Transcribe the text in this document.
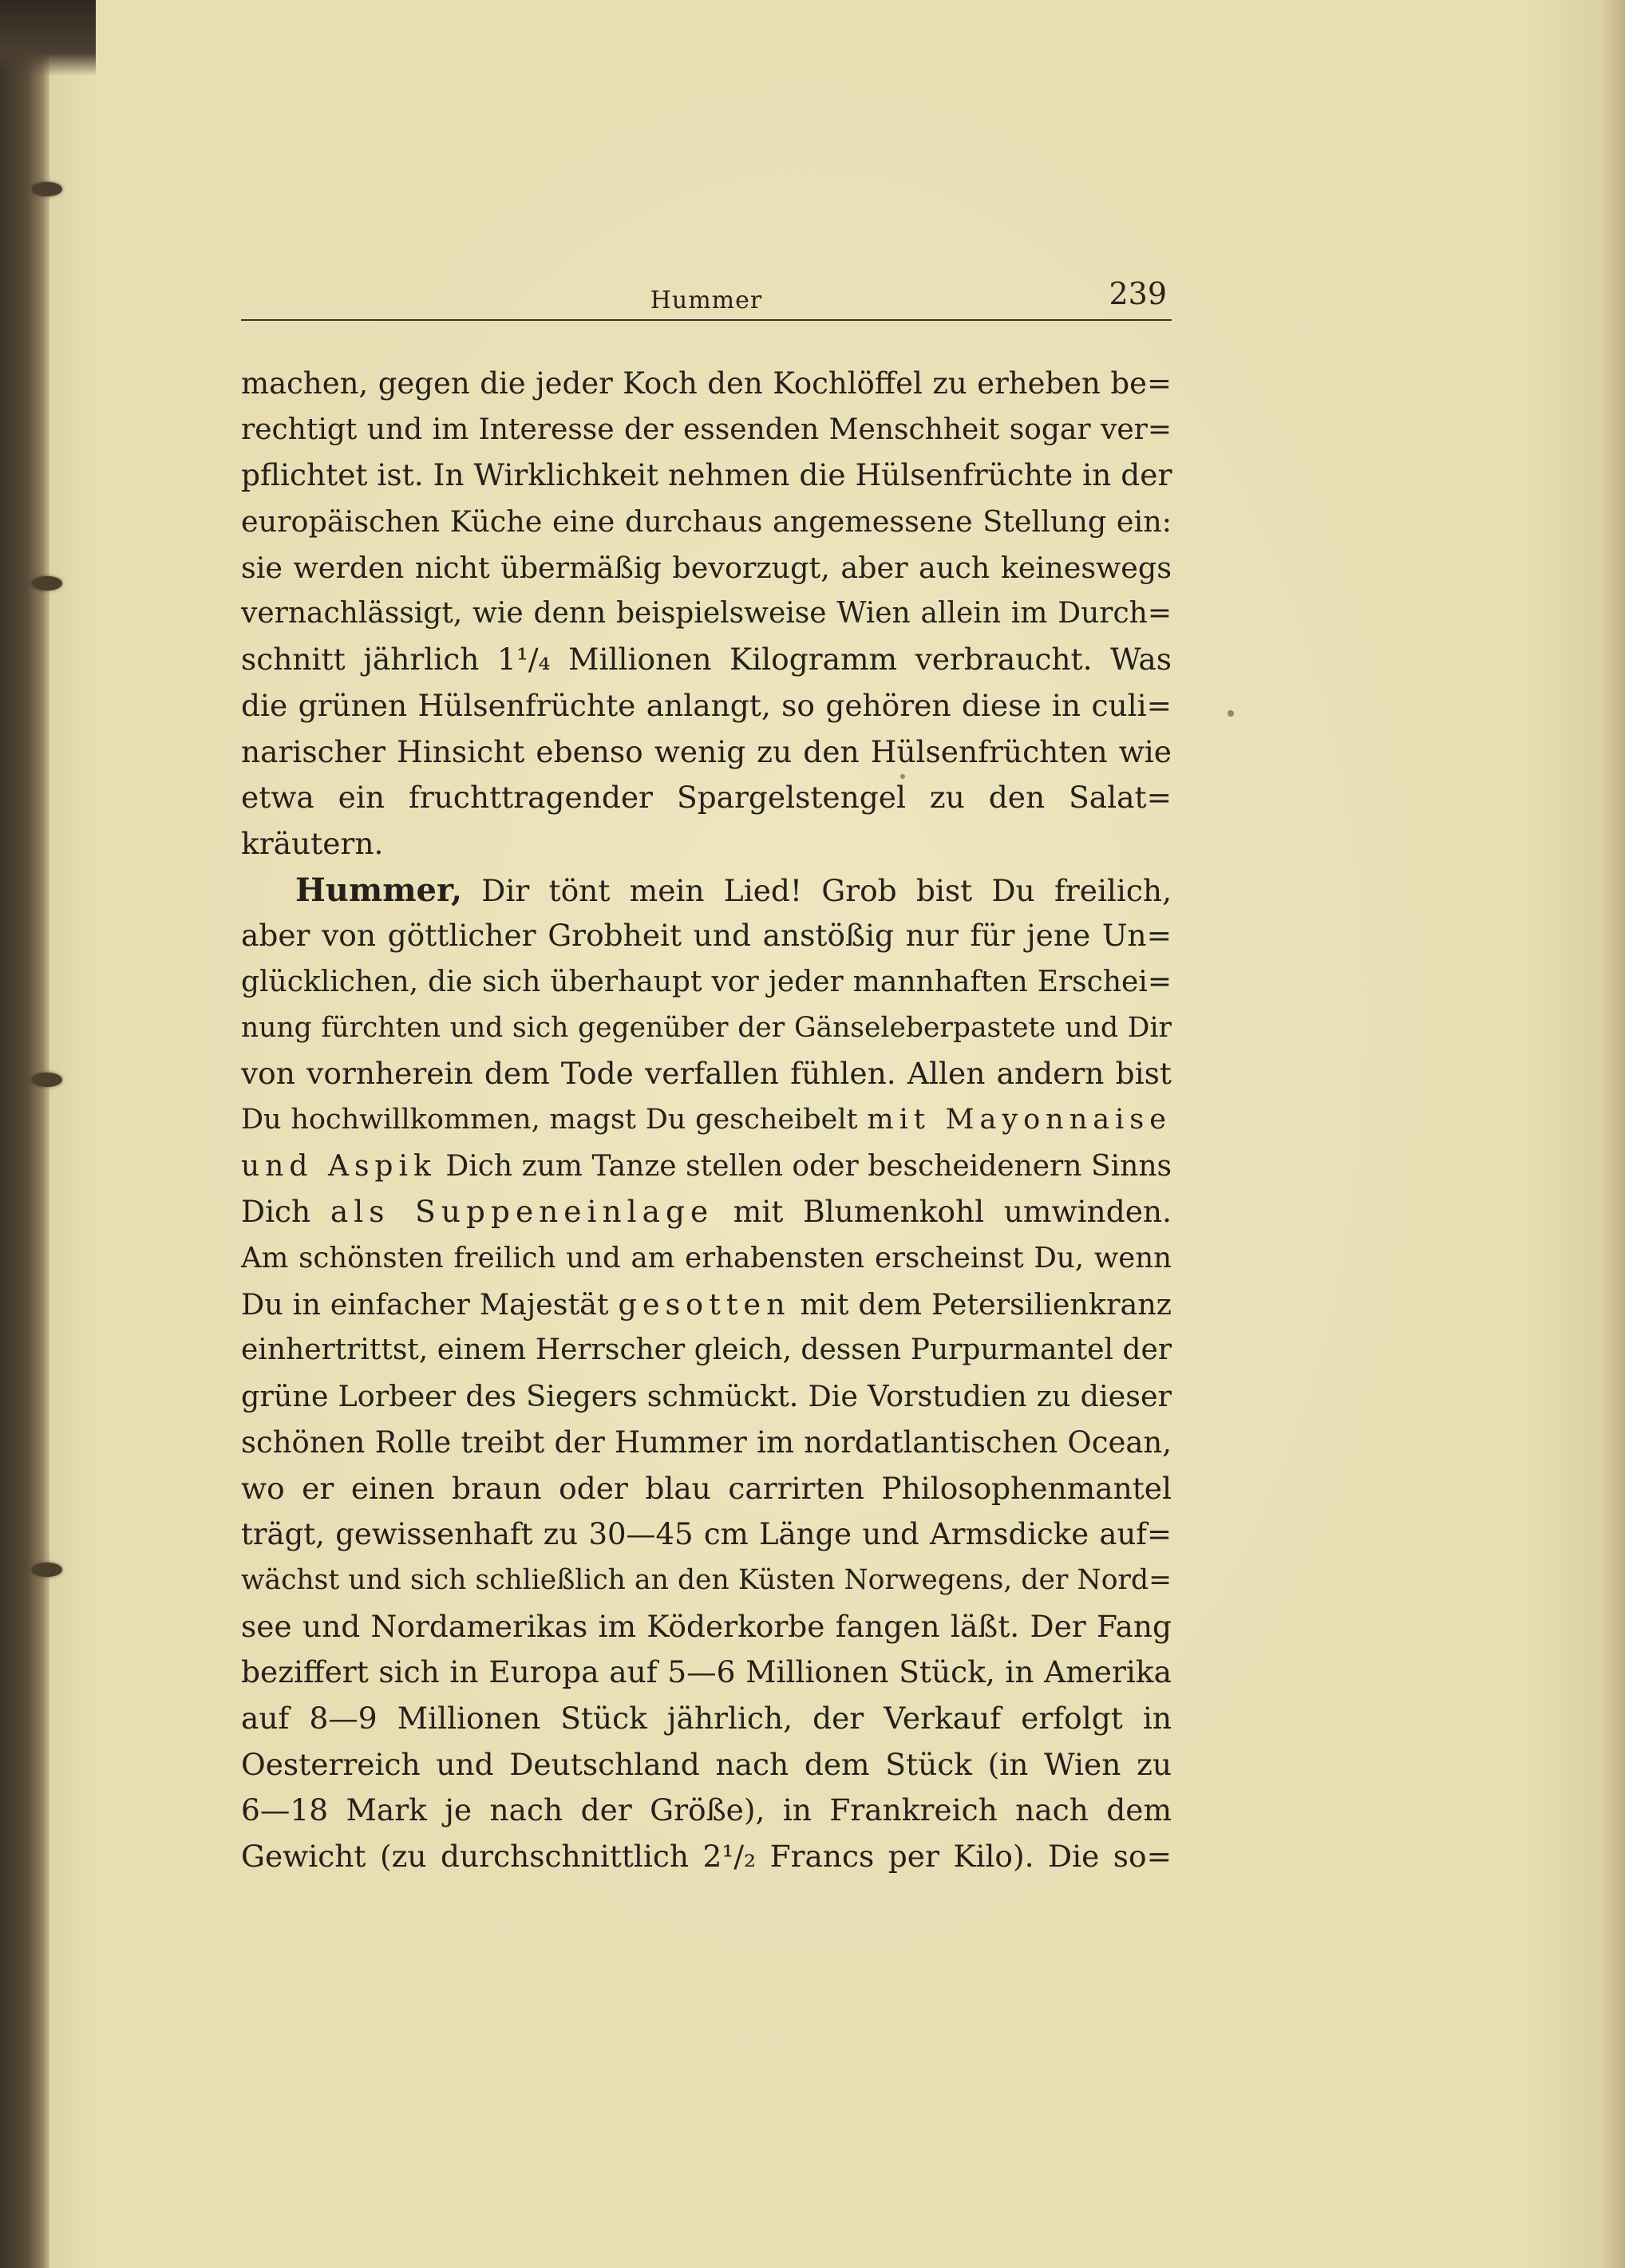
Hummer	239
machen, gegen die jeder Koch den Kochlöffel zu erheben be=
rechtigt und im Interesse der essenden Menschheit sogar ver=
pflichtet ist. In Wirklichkeit nehmen die Hülsenfrüchte in der
europäischen Küche eine durchaus angemessene Stellung ein:
sie werden nicht übermäßig bevorzugt, aber auch keineswegs
vernachlässigt, wie denn beispielsweise Wien allein im Durch=
schnitt jährlich 1¹/₄ Millionen Kilogramm verbraucht. Was
die grünen Hülsenfrüchte anlangt, so gehören diese in culi=
narischer Hinsicht ebenso wenig zu den Hülsenfrüchten wie
etwa ein fruchttragender Spargelstengel zu den Salat=
kräutern.
Hummer, Dir tönt mein Lied! Grob bist Du freilich,
aber von göttlicher Grobheit und anstößig nur für jene Un=
glücklichen, die sich überhaupt vor jeder mannhaften Erschei=
nung fürchten und sich gegenüber der Gänseleberpastete und Dir
von vornherein dem Tode verfallen fühlen. Allen andern bist
Du hochwillkommen, magst Du gescheibelt mit Mayonnaise
und Aspik Dich zum Tanze stellen oder bescheidenern Sinns
Dich als Suppeneinlage mit Blumenkohl umwinden.
Am schönsten freilich und am erhabensten erscheinst Du, wenn
Du in einfacher Majestät gesotten mit dem Petersilienkranz
einhertrittst, einem Herrscher gleich, dessen Purpurmantel der
grüne Lorbeer des Siegers schmückt. Die Vorstudien zu dieser
schönen Rolle treibt der Hummer im nordatlantischen Ocean,
wo er einen braun oder blau carrirten Philosophenmantel
trägt, gewissenhaft zu 30—45 cm Länge und Armsdicke auf=
wächst und sich schließlich an den Küsten Norwegens, der Nord=
see und Nordamerikas im Köderkorbe fangen läßt. Der Fang
beziffert sich in Europa auf 5—6 Millionen Stück, in Amerika
auf 8—9 Millionen Stück jährlich, der Verkauf erfolgt in
Oesterreich und Deutschland nach dem Stück (in Wien zu
6—18 Mark je nach der Größe), in Frankreich nach dem
Gewicht (zu durchschnittlich 2¹/₂ Francs per Kilo). Die so=
